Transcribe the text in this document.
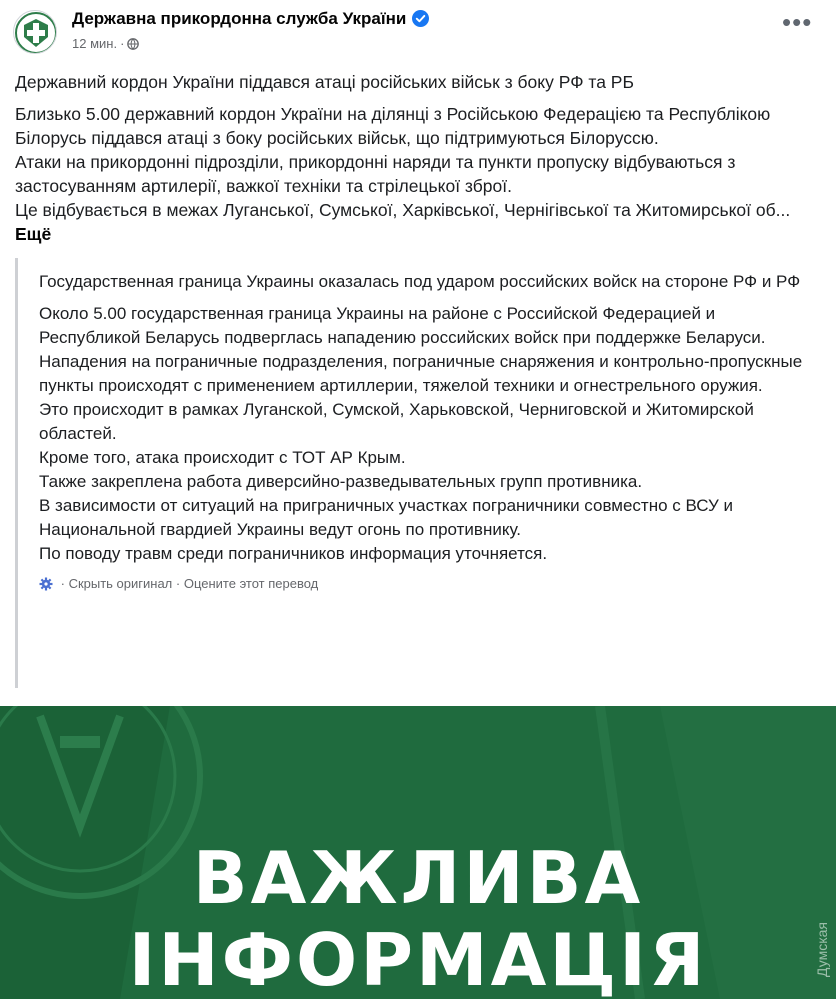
Державна прикордонна служба України
12 мин. ·
•••

Державний кордон України піддався атаці російських військ з боку РФ та РБ

Близько 5.00 державний кордон України на ділянці з Російською Федерацією та Республікою Білорусь піддався атаці з боку російських військ, що підтримуються Білоруссю.

Атаки на прикордонні підрозділи, прикордонні наряди та пункти пропуску відбуваються з застосуванням артилерії, важкої техніки та стрілецької зброї.

Це відбувається в межах Луганської, Сумської, Харківської, Чернігівської та Житомирської об... Ещё

Государственная граница Украины оказалась под ударом российских войск на стороне РФ и РФ

Около 5.00 государственная граница Украины на районе с Российской Федерацией и Республикой Беларусь подверглась нападению российских войск при поддержке Беларуси.

Нападения на пограничные подразделения, пограничные снаряжения и контрольно-пропускные пункты происходят с применением артиллерии, тяжелой техники и огнестрельного оружия.

Это происходит в рамках Луганской, Сумской, Харьковской, Черниговской и Житомирской областей.

Кроме того, атака происходит с ТОТ АР Крым.

Также закреплена работа диверсийно-разведывательных групп противника.

В зависимости от ситуаций на приграничных участках пограничники совместно с ВСУ и Национальной гвардией Украины ведут огонь по противнику.

По поводу травм среди пограничников информация уточняется.

· Скрыть оригинал · Оцените этот перевод
ВАЖЛИВА
ІНФОРМАЦІЯ	Думская
